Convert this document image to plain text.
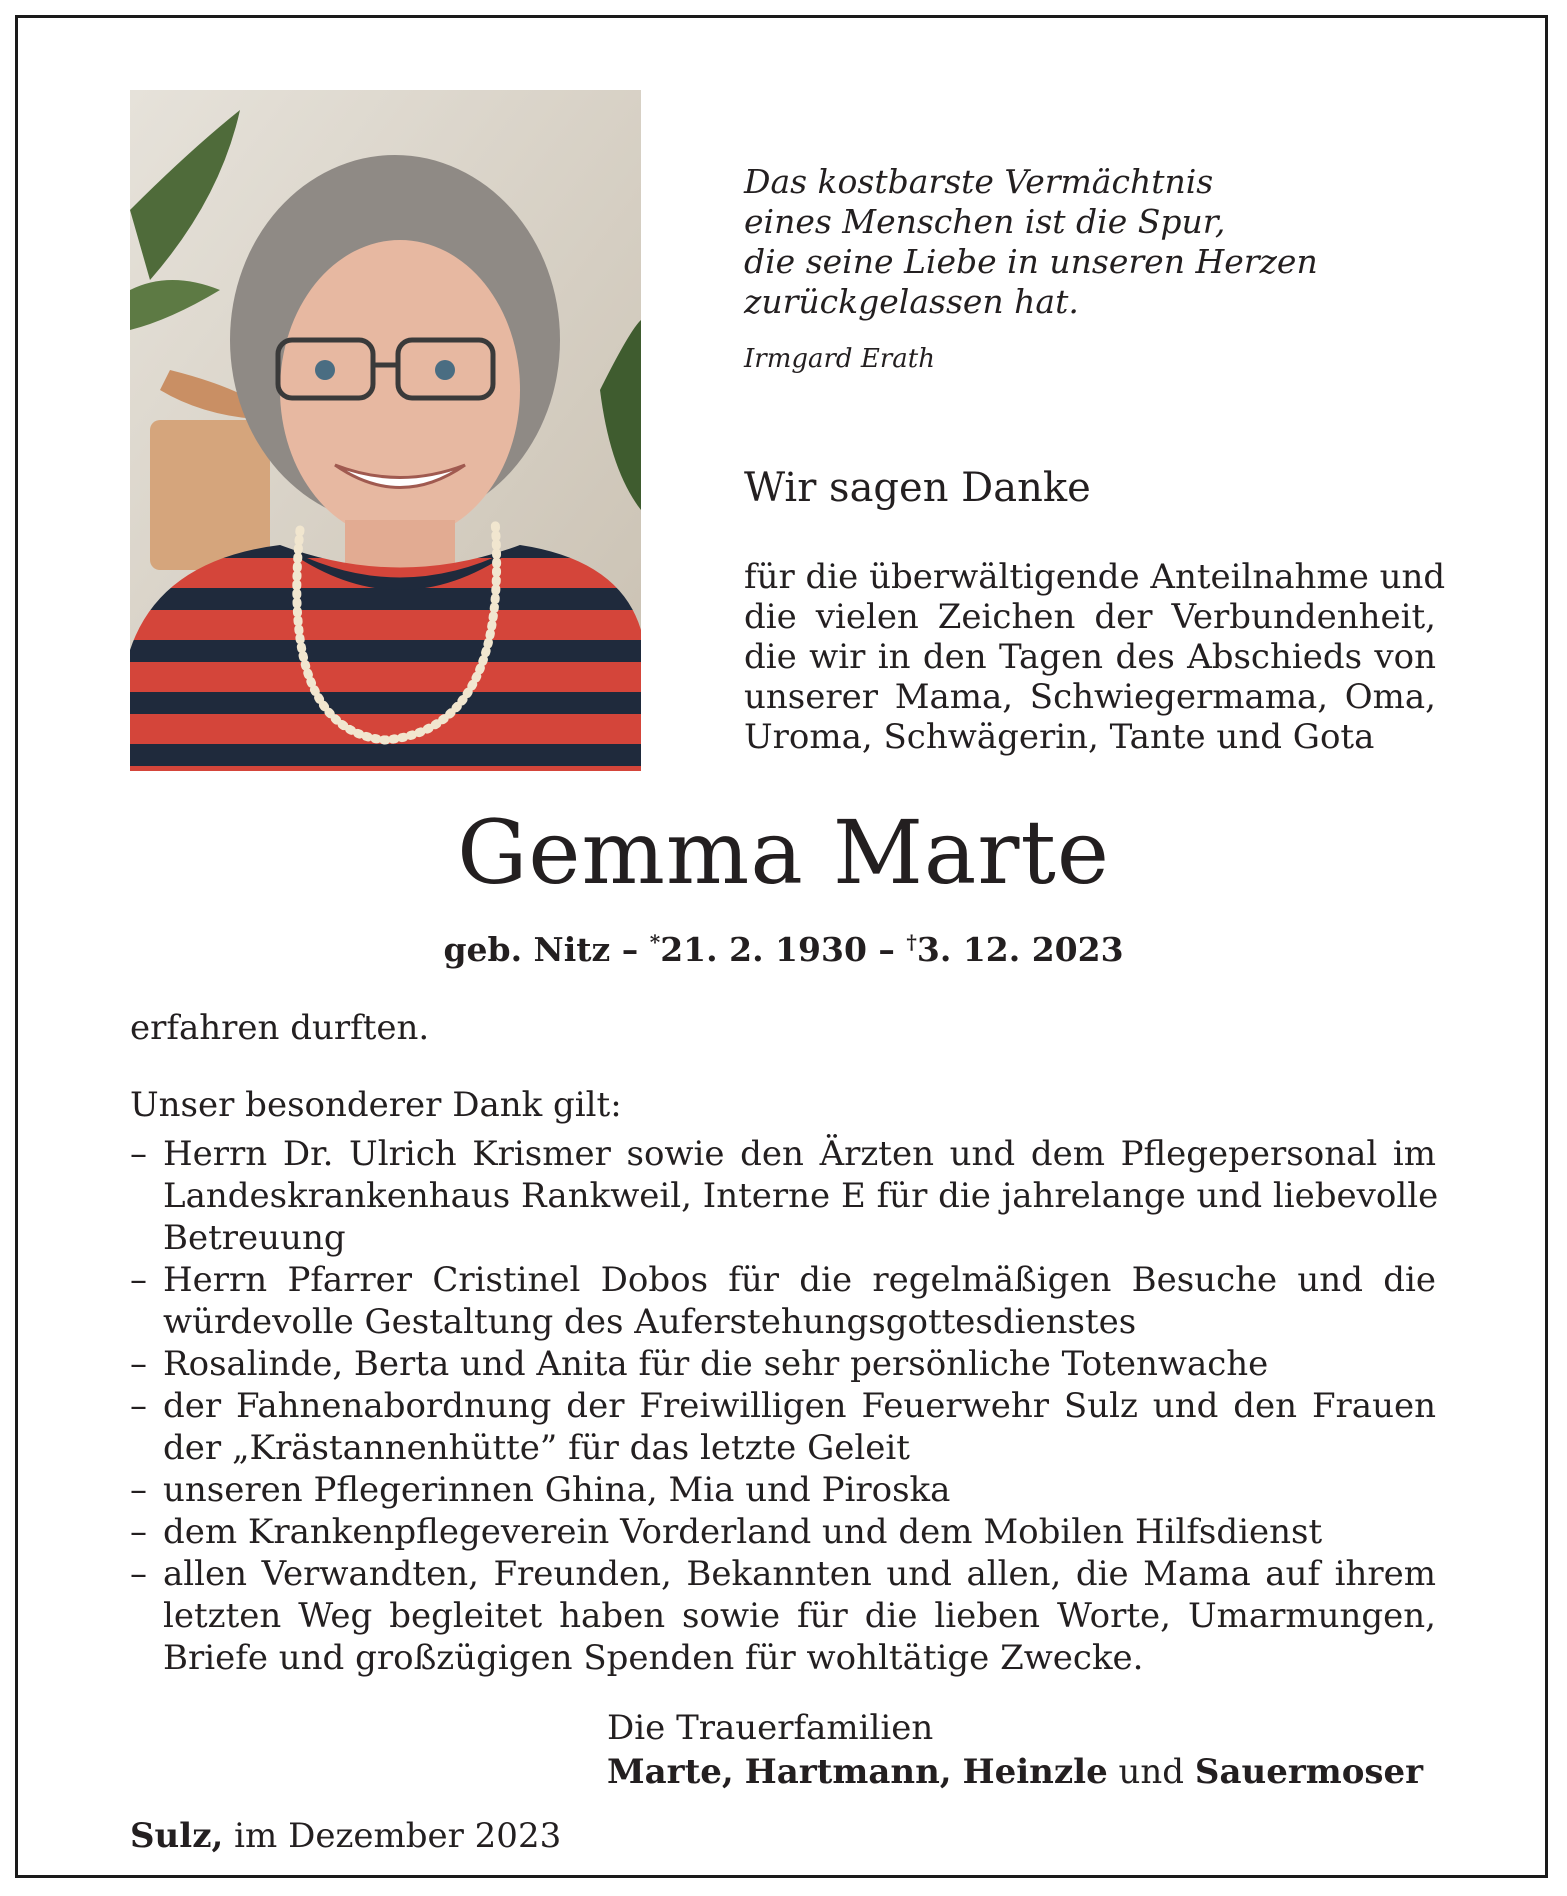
Das kostbarste Vermächtnis
eines Menschen ist die Spur,
die seine Liebe in unseren Herzen
zurückgelassen hat.
Irmgard Erath
Wir sagen Danke
für die überwältigende Anteilnahme und
die vielen Zeichen der Verbundenheit,
die wir in den Tagen des Abschieds von
unserer Mama, Schwiegermama, Oma,
Uroma, Schwägerin, Tante und Gota
Gemma Marte
geb. Nitz – *21. 2. 1930 – †3. 12. 2023
erfahren durften.
Unser besonderer Dank gilt:
– Herrn Dr. Ulrich Krismer sowie den Ärzten und dem Pflegepersonal im
Landeskrankenhaus Rankweil, Interne E für die jahrelange und liebevolle
Betreuung
– Herrn Pfarrer Cristinel Dobos für die regelmäßigen Besuche und die
würdevolle Gestaltung des Auferstehungsgottesdienstes
– Rosalinde, Berta und Anita für die sehr persönliche Totenwache
– der Fahnenabordnung der Freiwilligen Feuerwehr Sulz und den Frauen
der „Krästannenhütte” für das letzte Geleit
– unseren Pflegerinnen Ghina, Mia und Piroska
– dem Krankenpflegeverein Vorderland und dem Mobilen Hilfsdienst
– allen Verwandten, Freunden, Bekannten und allen, die Mama auf ihrem
letzten Weg begleitet haben sowie für die lieben Worte, Umarmungen,
Briefe und großzügigen Spenden für wohltätige Zwecke.
Die Trauerfamilien
Marte, Hartmann, Heinzle und Sauermoser
Sulz, im Dezember 2023
